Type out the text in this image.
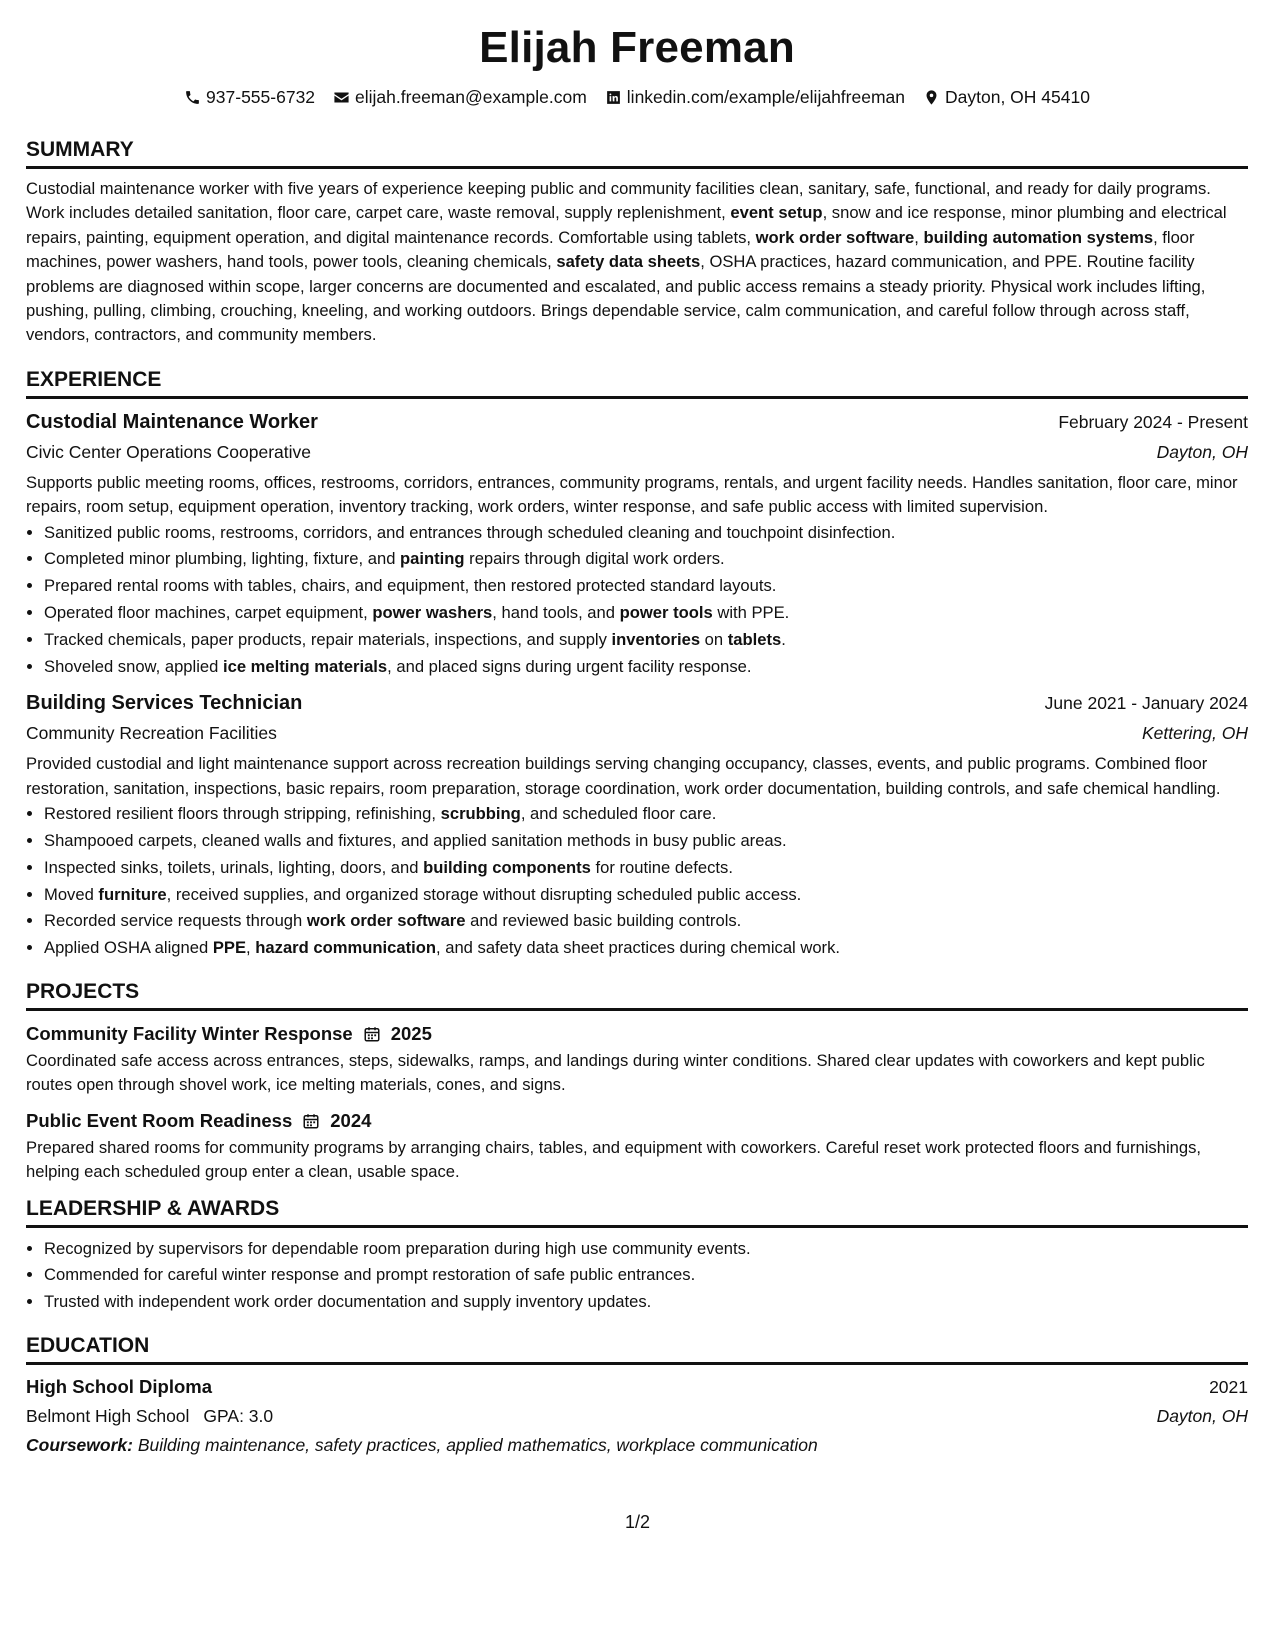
Elijah Freeman
937-555-6732 elijah.freeman@example.com linkedin.com/example/elijahfreeman Dayton, OH 45410
SUMMARY

Custodial maintenance worker with five years of experience keeping public and community facilities clean, sanitary, safe, functional, and ready for daily programs. Work includes detailed sanitation, floor care, carpet care, waste removal, supply replenishment, event setup, snow and ice response, minor plumbing and electrical repairs, painting, equipment operation, and digital maintenance records. Comfortable using tablets, work order software, building automation systems, floor machines, power washers, hand tools, power tools, cleaning chemicals, safety data sheets, OSHA practices, hazard communication, and PPE. Routine facility problems are diagnosed within scope, larger concerns are documented and escalated, and public access remains a steady priority. Physical work includes lifting, pushing, pulling, climbing, crouching, kneeling, and working outdoors. Brings dependable service, calm communication, and careful follow through across staff, vendors, contractors, and community members.

EXPERIENCE
Custodial Maintenance Worker	February 2024 - Present
Civic Center Operations Cooperative	Dayton, OH

Supports public meeting rooms, offices, restrooms, corridors, entrances, community programs, rentals, and urgent facility needs. Handles sanitation, floor care, minor repairs, room setup, equipment operation, inventory tracking, work orders, winter response, and safe public access with limited supervision.

• Sanitized public rooms, restrooms, corridors, and entrances through scheduled cleaning and touchpoint disinfection.
• Completed minor plumbing, lighting, fixture, and painting repairs through digital work orders.
• Prepared rental rooms with tables, chairs, and equipment, then restored protected standard layouts.
• Operated floor machines, carpet equipment, power washers, hand tools, and power tools with PPE.
• Tracked chemicals, paper products, repair materials, inspections, and supply inventories on tablets.
• Shoveled snow, applied ice melting materials, and placed signs during urgent facility response.
Building Services Technician	June 2021 - January 2024
Community Recreation Facilities	Kettering, OH

Provided custodial and light maintenance support across recreation buildings serving changing occupancy, classes, events, and public programs. Combined floor restoration, sanitation, inspections, basic repairs, room preparation, storage coordination, work order documentation, building controls, and safe chemical handling.

• Restored resilient floors through stripping, refinishing, scrubbing, and scheduled floor care.
• Shampooed carpets, cleaned walls and fixtures, and applied sanitation methods in busy public areas.
• Inspected sinks, toilets, urinals, lighting, doors, and building components for routine defects.
• Moved furniture, received supplies, and organized storage without disrupting scheduled public access.
• Recorded service requests through work order software and reviewed basic building controls.
• Applied OSHA aligned PPE, hazard communication, and safety data sheet practices during chemical work.
PROJECTS
Community Facility Winter Response 2025

Coordinated safe access across entrances, steps, sidewalks, ramps, and landings during winter conditions. Shared clear updates with coworkers and kept public routes open through shovel work, ice melting materials, cones, and signs.

Public Event Room Readiness 2024

Prepared shared rooms for community programs by arranging chairs, tables, and equipment with coworkers. Careful reset work protected floors and furnishings, helping each scheduled group enter a clean, usable space.

LEADERSHIP & AWARDS
• Recognized by supervisors for dependable room preparation during high use community events.
• Commended for careful winter response and prompt restoration of safe public entrances.
• Trusted with independent work order documentation and supply inventory updates.
EDUCATION
High School Diploma	2021
Belmont High School GPA: 3.0	Dayton, OH
Coursework: Building maintenance, safety practices, applied mathematics, workplace communication
1/2
